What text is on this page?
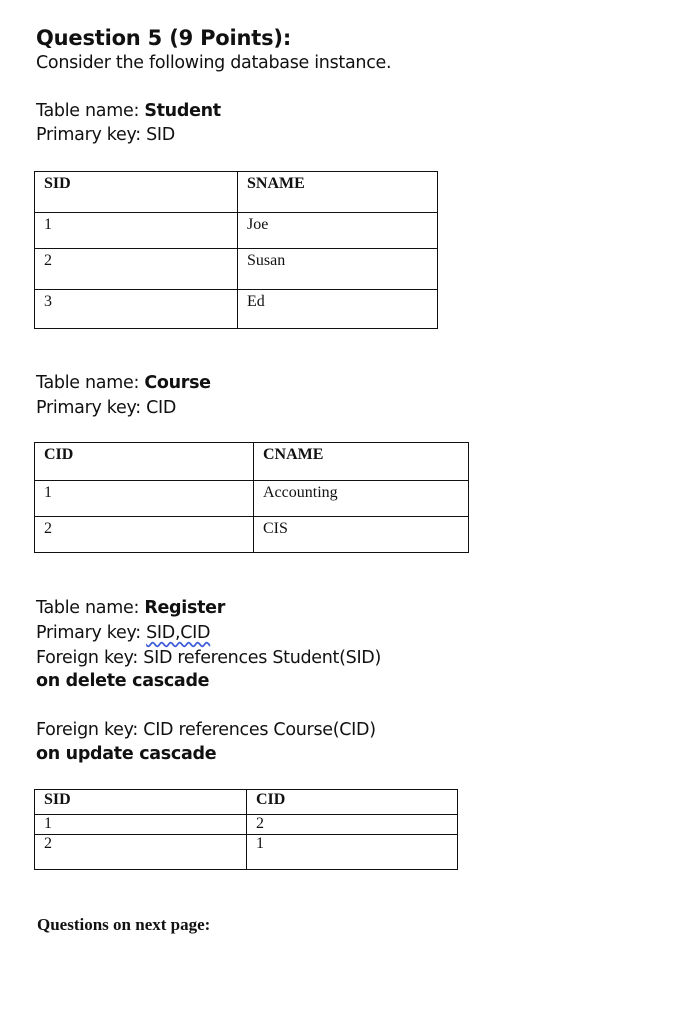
Question 5 (9 Points):
Consider the following database instance.
Table name: Student
Primary key: SID
SID	SNAME
1	Joe
2	Susan
3	Ed
Table name: Course
Primary key: CID
CID	CNAME
1	Accounting
2	CIS
Table name: Register
Primary key: SID,CID
Foreign key: SID references Student(SID)
on delete cascade
Foreign key: CID references Course(CID)
on update cascade
SID	CID
1	2
2	1
Questions on next page:
